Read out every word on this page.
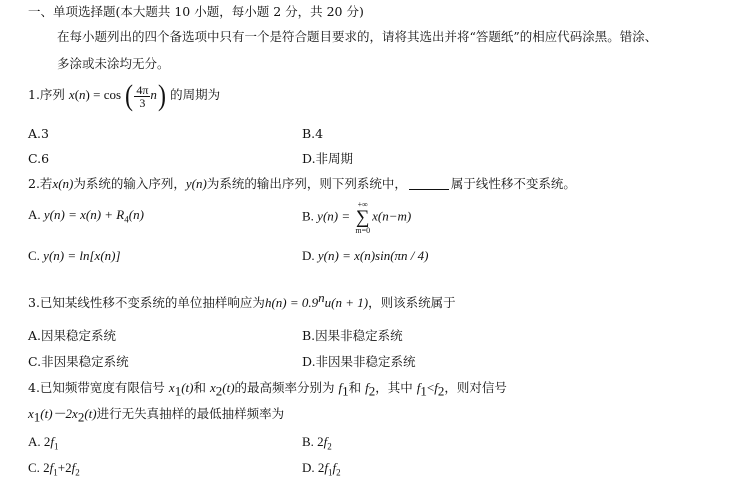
一、单项选择题(本大题共 10 小题，每小题 2 分，共 20 分)
在每小题列出的四个备选项中只有一个是符合题目要求的，请将其选出并将“答题纸”的相应代码涂黑。错涂、
多涂或未涂均无分。
1.序列 x(n) = cos ( $\frac{4\pi}{3} n$) 的周期为
A.3	B.4
C.6	D.非周期
2.若x(n)为系统的输入序列，y(n)为系统的输出序列，则下列系统中，	属于线性移不变系统。
A. $y(n) = x(n) + R_4(n)$	B. y(n) =
+∞
∑
m=0
x(n−m)
C. y(n) = ln[x(n)]	D. y(n) = x(n)sin(πn / 4)
3.已知某线性移不变系统的单位抽样响应为$h(n) = 0.9^nu(n + 1)$，则该系统属于
A.因果稳定系统	B.因果非稳定系统
C.非因果稳定系统	D.非因果非稳定系统
4.已知频带宽度有限信号 $x_1(t)$和 $x_2(t)$的最高频率分别为 $f_1$和 $f_2$，其中 $f_1<f_2$，则对信号
$x_1(t)-2x_2(t)$进行无失真抽样的最低抽样频率为
A. $2f_1$	B. $2f_2$
C. $2f_1+2f_2$	D. $2f_1f_2$
